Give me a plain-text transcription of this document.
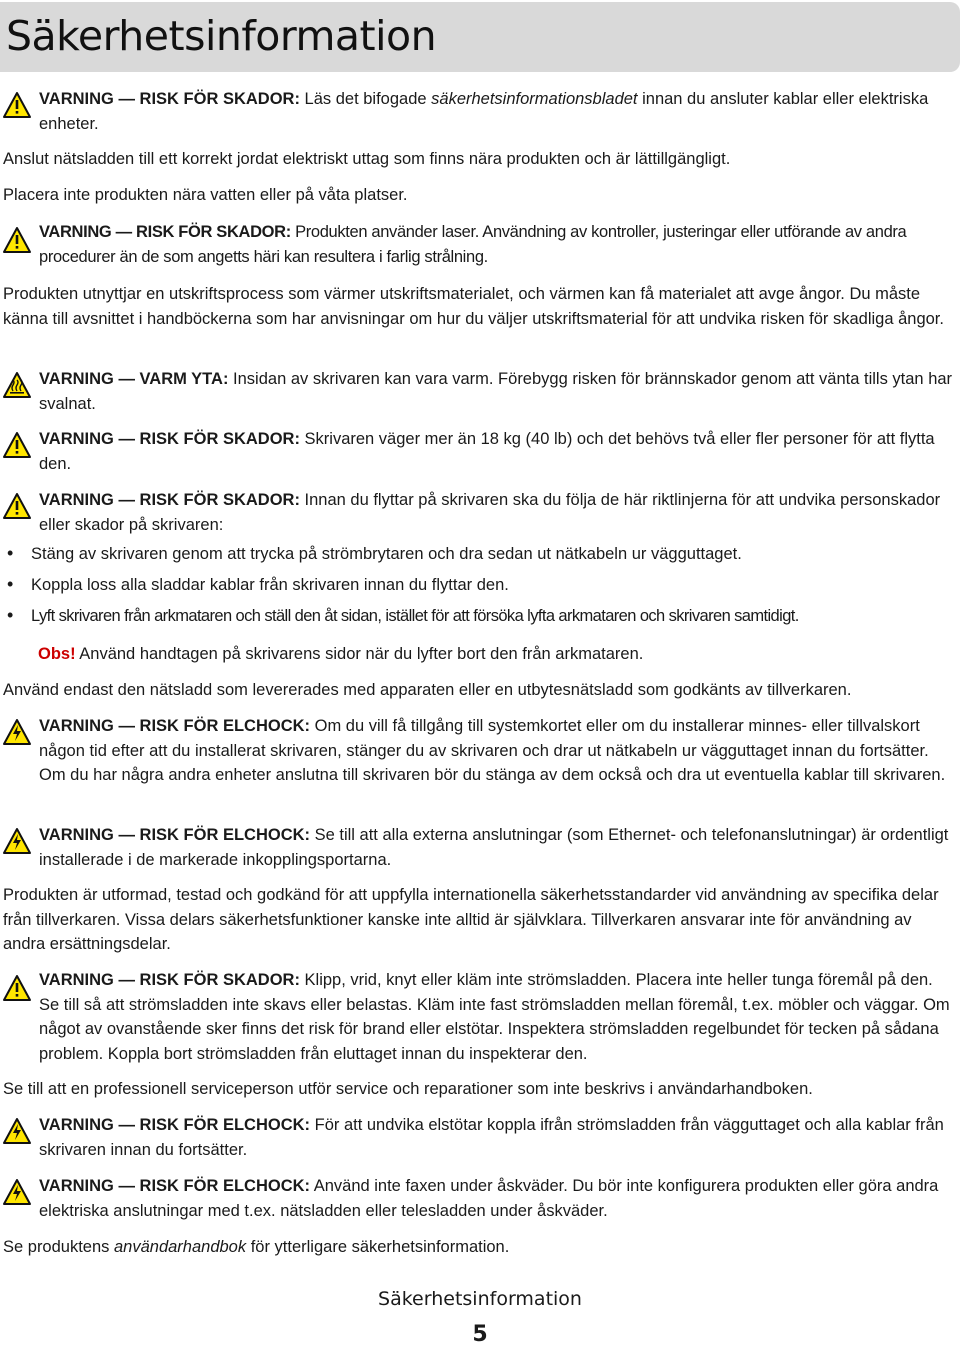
Säkerhetsinformation
VARNING — RISK FÖR SKADOR: Läs det bifogade säkerhetsinformationsbladet innan du ansluter kablar eller elektriska enheter.
Anslut nätsladden till ett korrekt jordat elektriskt uttag som finns nära produkten och är lättillgängligt.
Placera inte produkten nära vatten eller på våta platser.
VARNING — RISK FÖR SKADOR: Produkten använder laser. Användning av kontroller, justeringar eller utförande av andra procedurer än de som angetts häri kan resultera i farlig strålning.
Produkten utnyttjar en utskriftsprocess som värmer utskriftsmaterialet, och värmen kan få materialet att avge ångor. Du måste känna till avsnittet i handböckerna som har anvisningar om hur du väljer utskriftsmaterial för att undvika risken för skadliga ångor.
VARNING — VARM YTA: Insidan av skrivaren kan vara varm. Förebygg risken för brännskador genom att vänta tills ytan har svalnat.
VARNING — RISK FÖR SKADOR: Skrivaren väger mer än 18 kg (40 lb) och det behövs två eller fler personer för att flytta den.
VARNING — RISK FÖR SKADOR: Innan du flyttar på skrivaren ska du följa de här riktlinjerna för att undvika personskador eller skador på skrivaren:
• Stäng av skrivaren genom att trycka på strömbrytaren och dra sedan ut nätkabeln ur vägguttaget.
• Koppla loss alla sladdar kablar från skrivaren innan du flyttar den.
• Lyft skrivaren från arkmataren och ställ den åt sidan, istället för att försöka lyfta arkmataren och skrivaren samtidigt.
Obs! Använd handtagen på skrivarens sidor när du lyfter bort den från arkmataren.
Använd endast den nätsladd som levererades med apparaten eller en utbytesnätsladd som godkänts av tillverkaren.
VARNING — RISK FÖR ELCHOCK: Om du vill få tillgång till systemkortet eller om du installerar minnes- eller tillvalskort någon tid efter att du installerat skrivaren, stänger du av skrivaren och drar ut nätkabeln ur vägguttaget innan du fortsätter. Om du har några andra enheter anslutna till skrivaren bör du stänga av dem också och dra ut eventuella kablar till skrivaren.
VARNING — RISK FÖR ELCHOCK: Se till att alla externa anslutningar (som Ethernet- och telefonanslutningar) är ordentligt installerade i de markerade inkopplingsportarna.
Produkten är utformad, testad och godkänd för att uppfylla internationella säkerhetsstandarder vid användning av specifika delar från tillverkaren. Vissa delars säkerhetsfunktioner kanske inte alltid är självklara. Tillverkaren ansvarar inte för användning av andra ersättningsdelar.
VARNING — RISK FÖR SKADOR: Klipp, vrid, knyt eller kläm inte strömsladden. Placera inte heller tunga föremål på den. Se till så att strömsladden inte skavs eller belastas. Kläm inte fast strömsladden mellan föremål, t.ex. möbler och väggar. Om något av ovanstående sker finns det risk för brand eller elstötar. Inspektera strömsladden regelbundet för tecken på sådana problem. Koppla bort strömsladden från eluttaget innan du inspekterar den.
Se till att en professionell serviceperson utför service och reparationer som inte beskrivs i användarhandboken.
VARNING — RISK FÖR ELCHOCK: För att undvika elstötar koppla ifrån strömsladden från vägguttaget och alla kablar från skrivaren innan du fortsätter.
VARNING — RISK FÖR ELCHOCK: Använd inte faxen under åskväder. Du bör inte konfigurera produkten eller göra andra elektriska anslutningar med t.ex. nätsladden eller telesladden under åskväder.
Se produktens användarhandbok för ytterligare säkerhetsinformation.
Säkerhetsinformation
5
